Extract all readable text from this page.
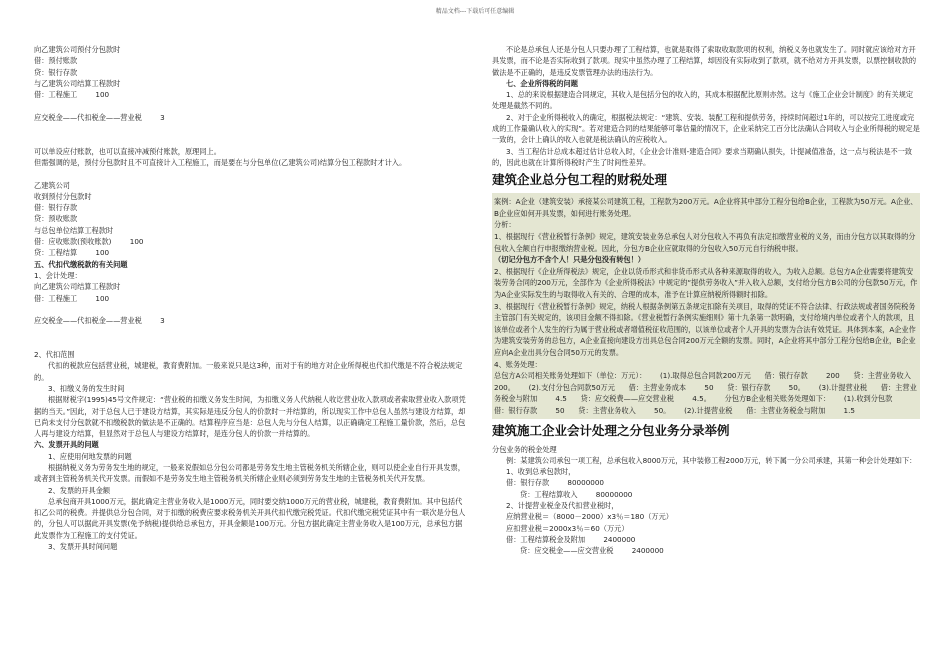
精品文档---下载后可任意编辑

向乙建筑公司预付分包款时

借：预付账款

贷：银行存款

与乙建筑公司结算工程款时

借：工程施工        100

应交税金——代扣税金——营业税        3

可以单设应付账款，也可以直接冲减预付账款，原理同上。

但需强调的是，预付分包款时且不可直接计入工程施工，而是要在与分包单位(乙建筑公司)结算分包工程款时才计入。

乙建筑公司

收到预付分包款时

借：银行存款

贷：预收账款

与总包单位结算工程款时

借：应收账款(预收账款)        100

贷：工程结算        100

五、代扣代缴税款的有关问题

1、会计处理：

向乙建筑公司结算工程款时

借：工程施工        100

应交税金——代扣税金——营业税        3

2、代扣范围

代扣的税款应包括营业税，城建税，教育费附加。一般来说只是这3种，而对于有的地方对企业所得税也代扣代缴是不符合税法规定的。

3、扣缴义务的发生时间

根据财税字(1995)45号文件规定：“营业税的扣缴义务发生时间，为扣缴义务人代纳税人收讫营业收入款项或者索取营业收入款项凭据的当天。”因此，对于总包人已于建设方结算，其实际是违反分包人的价款时一并结算的，所以现实工作中总包人虽然与建设方结算，却已尚未支付分包款就不扣缴税款的做法是不正确的。结算程序应当是：总包人先与分包人结算，以正确确定工程施工量价款，然后，总包人再与建设方结算，但显然对于总包人与建设方结算时，是连分包人的价款一并结算的。

六、发票开具的问题

1、应使用何地发票的问题

根据纳税义务为劳务发生地的规定，一般来说假如总分包公司都是劳务发生地主管税务机关所辖企业，则可以使企业自行开具发票，或者到主管税务机关代开发票。而假如不是劳务发生地主管税务机关所辖企业则必须到劳务发生地的主管税务机关代开发票。

2、发票的开具金额

总承包商开具1000万元，据此确定主营业务收入是1000万元，同时要交纳1000万元的营业税，城建税，教育费附加。其中包括代扣乙公司的税费。并提供总分包合同，对于扣缴的税费应要求税务机关开具代扣代缴完税凭证。代扣代缴完税凭证其中有一联次是分包人的，分包人可以据此开具发票(免予纳税)提供给总承包方，开具金额是100万元。分包方据此确定主营业务收入是100万元，总承包方据此发票作为工程施工的支付凭证。

3、发票开具时间问题

不论是总承包人还是分包人只要办理了工程结算，也就是取得了索取收取款项的权利，纳税义务也就发生了。同时就应该给对方开具发票，而不论是否实际收到了款项。现实中虽然办理了工程结算，却因没有实际收到了款项，就不给对方开具发票，以票控制收款的做法是不正确的，是违反发票管理办法的违法行为。

七、企业所得税的问题

1、总的来说根据建造合同规定，其收入是包括分包的收入的，其成本根据配比原则亦然。这与《施工企业会计制度》的有关规定处理是截然不同的。

2、对于企业所得税收入的确定，根据税法规定：“建筑、安装、装配工程和提供劳务，持续时间超过1年的，可以按完工进度或完成的工作量确认收入的实现”。若对建造合同的结果能够可靠估量的情况下，企业采纳完工百分比法确认合同收入与企业所得税的规定是一致的，会计上确认的收入也就是税法确认的应税收入。

3、当工程估计总成本超过估计总收入时，《企业会计准则-建造合同》要求当期确认损失，计提减值准备，这一点与税法是不一致的，因此也就在计算所得税时产生了时间性差异。

建筑企业总分包工程的财税处理

案例：A企业（建筑安装）承接某公司建筑工程，工程款为200万元。A企业将其中部分工程分包给B企业，工程款为50万元。A企业、B企业应如何开具发票，如何进行账务处理。

分析：

1、根据现行《营业税暂行条例》规定，建筑安装业务总承包人对分包收入不再负有法定扣缴营业税的义务，而由分包方以其取得的分包收入全额自行申报缴纳营业税。因此，分包方B企业应就取得的分包收入50万元自行纳税申报。

（切记分包方不含个人！只是分包没有转包！）

2、根据现行《企业所得税法》规定，企业以货币形式和非货币形式从各种来源取得的收入，为收入总额。总包方A企业需要将建筑安装劳务合同的200万元，全部作为《企业所得税法》中规定的“提供劳务收入”并入收入总额，支付给分包方B公司的分包款50万元，作为A企业实际发生的与取得收入有关的、合理的成本，准予在计算应纳税所得额时扣除。

3、根据现行《营业税暂行条例》规定，纳税人根据条例第五条规定扣除有关项目，取得的凭证不符合法律、行政法规或者国务院税务主管部门有关规定的，该项目金额不得扣除。《营业税暂行条例实施细则》第十九条第一款明确，支付给境内单位或者个人的款项，且该单位或者个人发生的行为属于营业税或者增值税征收范围的，以该单位或者个人开具的发票为合法有效凭证。具体到本案，A企业作为建筑安装劳务的总包方，A企业直接向建设方出具总包合同200万元全额的发票。同时，A企业将其中部分工程分包给B企业，B企业应向A企业出具分包合同50万元的发票。

4、账务处理：

总包方A公司相关账务处理如下（单位：万元）：      (1).取得总包合同款200万元      借：银行存款        200      贷：主营业务收入        200。      (2).支付分包合同款50万元      借：主营业务成本        50      贷：银行存款        50。      (3).计提营业税      借：主营业务税金与附加        4.5      贷：应交税费——应交营业税        4.5。      分包方B企业相关账务处理如下：      (1).收到分包款      借：银行存款        50      贷：主营业务收入        50。      (2).计提营业税      借：主营业务税金与附加        1.5

建筑施工企业会计处理之分包业务分录举例

分包业务的税金处理

例：某建筑公司承包一项工程，总承包收入8000万元，其中装修工程2000万元，转下属一分公司承建，其第一种会计处理如下：

1、收到总承包款时，

借：银行存款        80000000

贷：工程结算收入        80000000

2、计提营业税金及代扣营业税时，

应纳营业税＝（8000－2000）x3％＝180（万元）

应扣营业税＝2000x3％＝60（万元）

借：工程结算税金及附加        2400000

贷：应交税金——应交营业税        2400000
